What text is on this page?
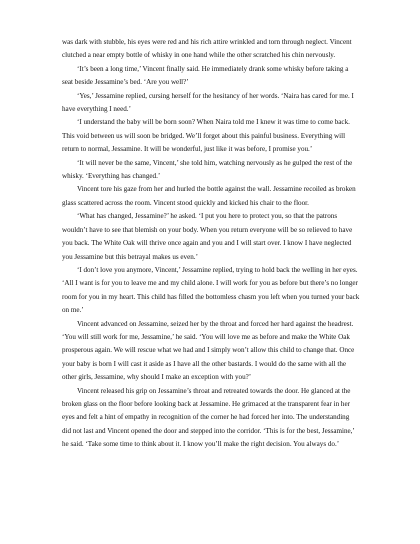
was dark with stubble, his eyes were red and his rich attire wrinkled and torn through neglect. Vincent clutched a near empty bottle of whisky in one hand while the other scratched his chin nervously.

‘It’s been a long time,’ Vincent finally said. He immediately drank some whisky before taking a seat beside Jessamine’s bed. ‘Are you well?’

‘Yes,’ Jessamine replied, cursing herself for the hesitancy of her words. ‘Naira has cared for me. I have everything I need.’

‘I understand the baby will be born soon? When Naira told me I knew it was time to come back. This void between us will soon be bridged. We’ll forget about this painful business. Everything will return to normal, Jessamine. It will be wonderful, just like it was before, I promise you.’

‘It will never be the same, Vincent,’ she told him, watching nervously as he gulped the rest of the whisky. ‘Everything has changed.’

Vincent tore his gaze from her and hurled the bottle against the wall. Jessamine recoiled as broken glass scattered across the room. Vincent stood quickly and kicked his chair to the floor.

‘What has changed, Jessamine?’ he asked. ‘I put you here to protect you, so that the patrons wouldn’t have to see that blemish on your body. When you return everyone will be so relieved to have you back. The White Oak will thrive once again and you and I will start over. I know I have neglected you Jessamine but this betrayal makes us even.’

‘I don’t love you anymore, Vincent,’ Jessamine replied, trying to hold back the welling in her eyes. ‘All I want is for you to leave me and my child alone. I will work for you as before but there’s no longer room for you in my heart. This child has filled the bottomless chasm you left when you turned your back on me.’

Vincent advanced on Jessamine, seized her by the throat and forced her hard against the headrest. ‘You will still work for me, Jessamine,’ he said. ‘You will love me as before and make the White Oak prosperous again. We will rescue what we had and I simply won’t allow this child to change that. Once your baby is born I will cast it aside as I have all the other bastards. I would do the same with all the other girls, Jessamine, why should I make an exception with you?’

Vincent released his grip on Jessamine’s throat and retreated towards the door. He glanced at the broken glass on the floor before looking back at Jessamine. He grimaced at the transparent fear in her eyes and felt a hint of empathy in recognition of the corner he had forced her into. The understanding did not last and Vincent opened the door and stepped into the corridor. ‘This is for the best, Jessamine,’ he said. ‘Take some time to think about it. I know you’ll make the right decision. You always do.’
